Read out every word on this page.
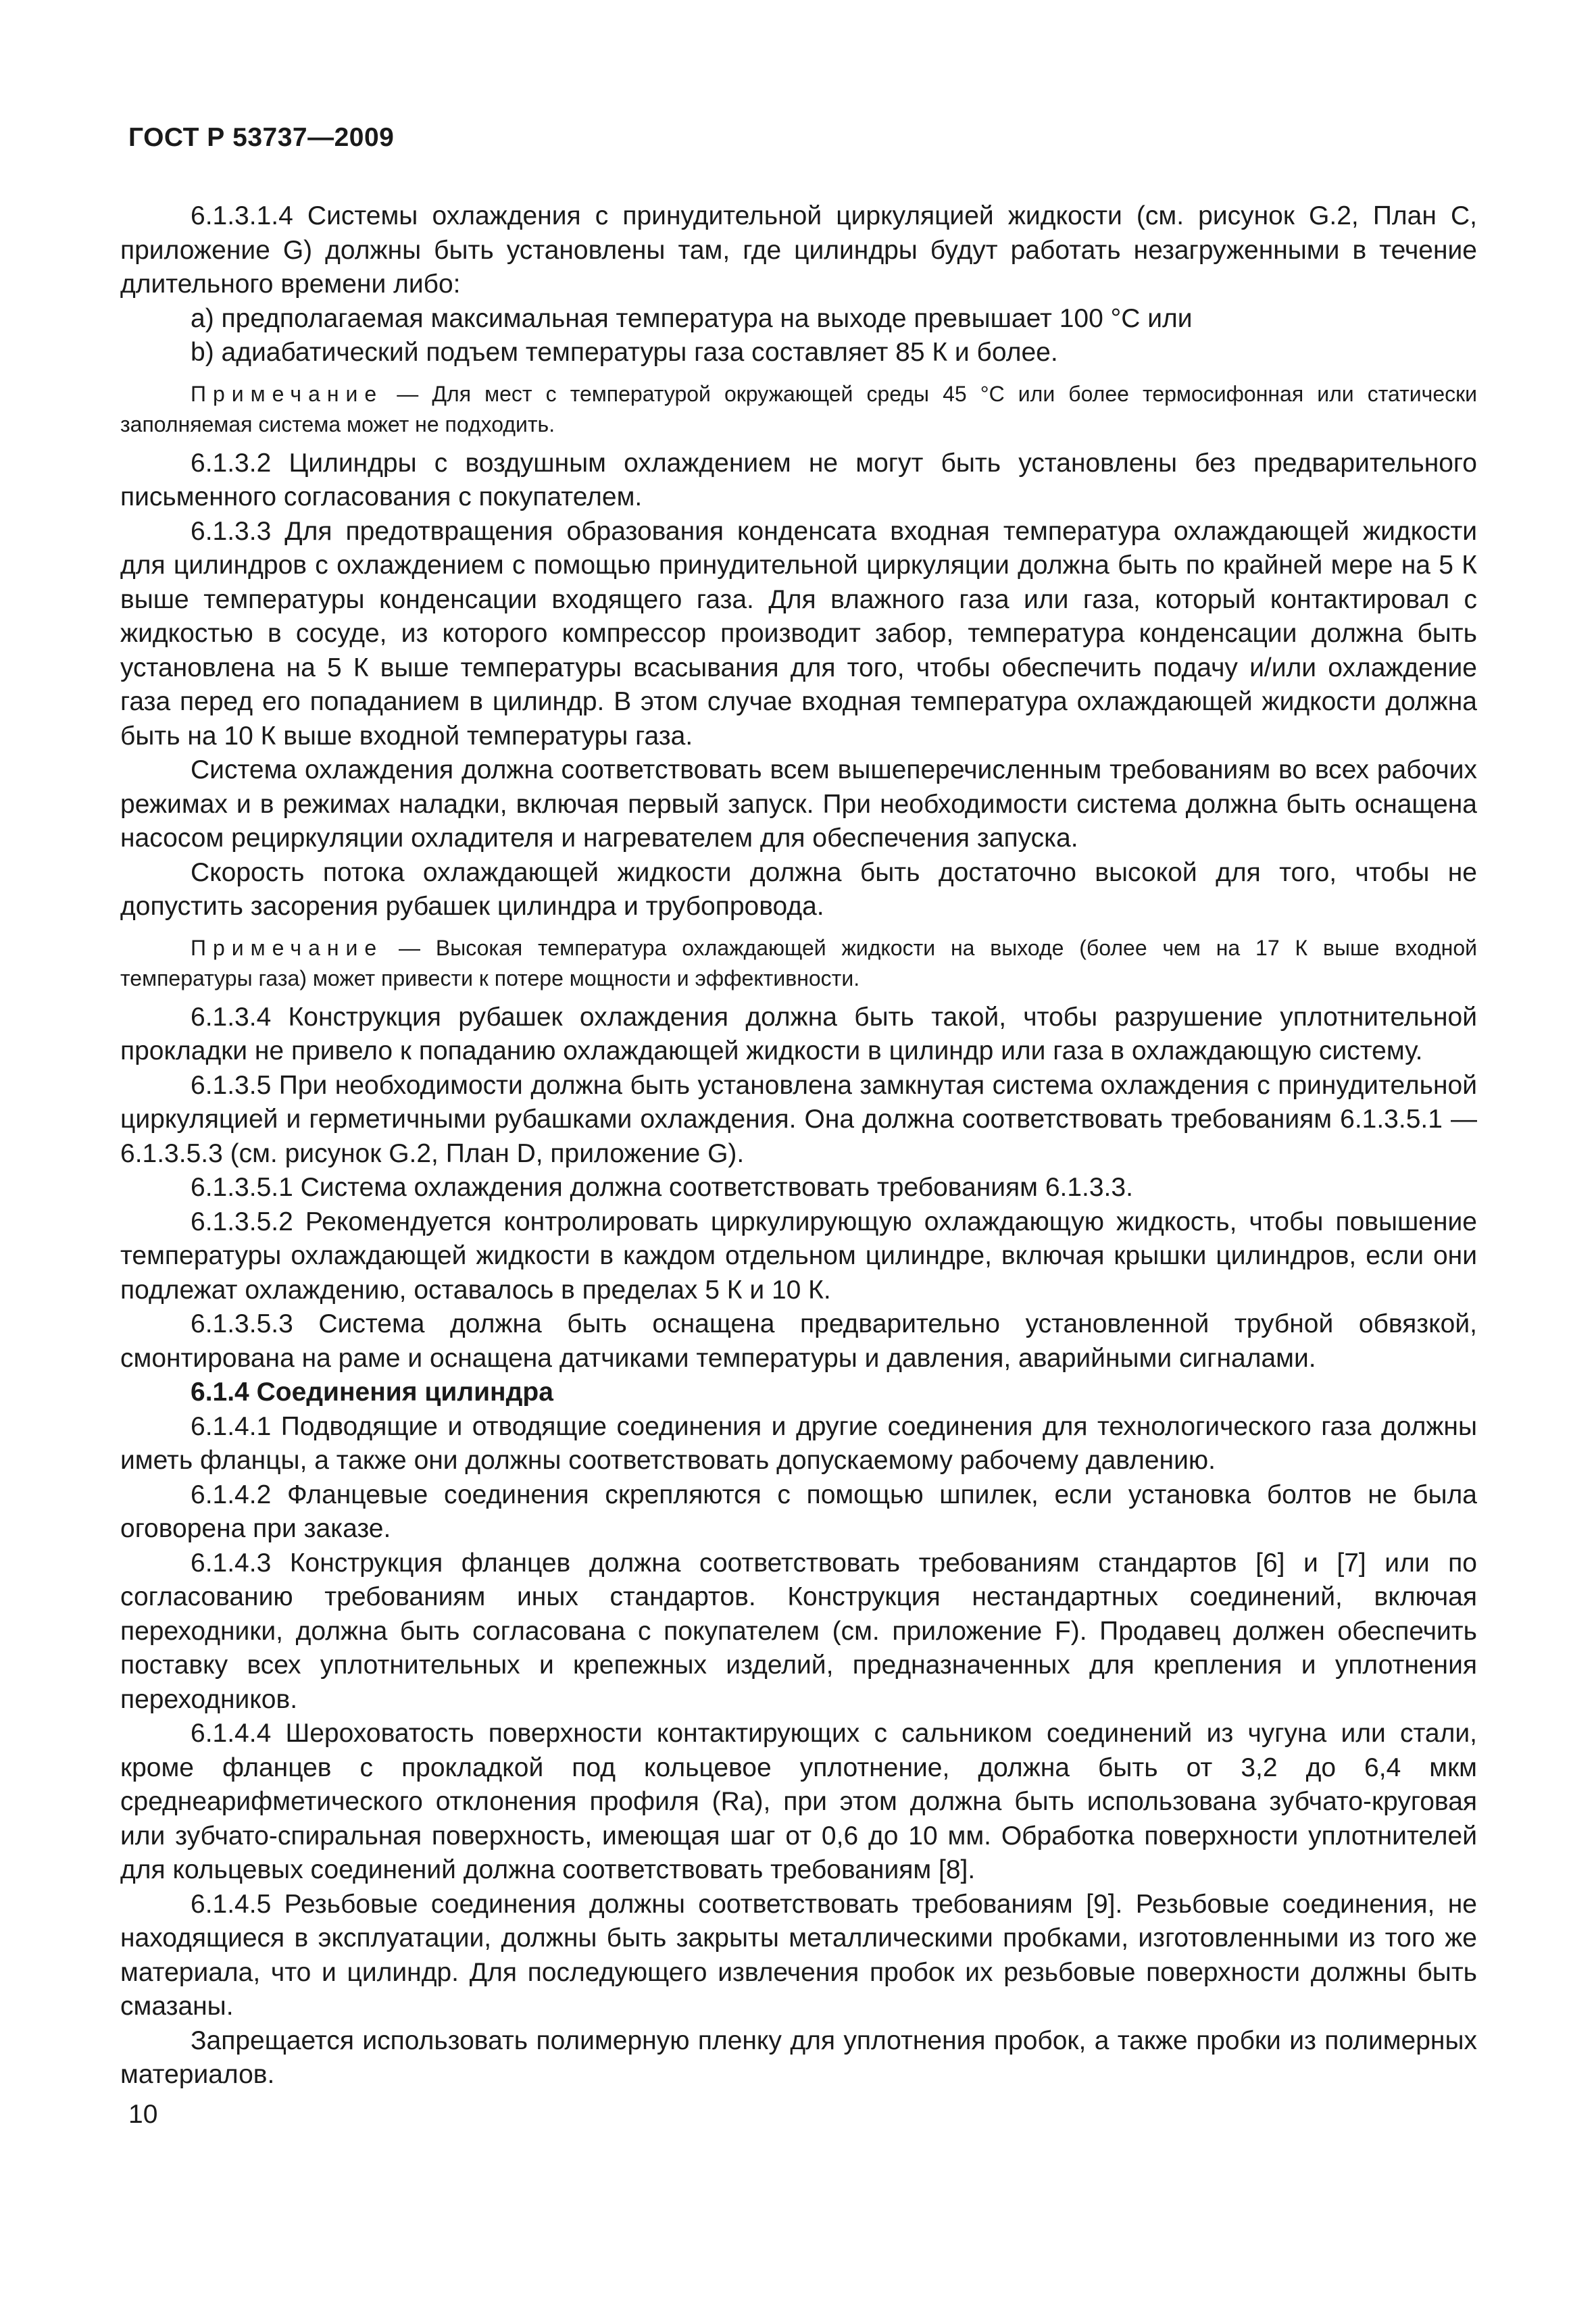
ГОСТ Р 53737—2009

6.1.3.1.4 Системы охлаждения с принудительной циркуляцией жидкости (см. рисунок G.2, План C, приложение G) должны быть установлены там, где цилиндры будут работать незагруженными в течение длительного времени либо:

a) предполагаемая максимальная температура на выходе превышает 100 °C или

b) адиабатический подъем температуры газа составляет 85 К и более.

Примечание — Для мест с температурой окружающей среды 45 °C или более термосифонная или статически заполняемая система может не подходить.

6.1.3.2 Цилиндры с воздушным охлаждением не могут быть установлены без предварительного письменного согласования с покупателем.

6.1.3.3 Для предотвращения образования конденсата входная температура охлаждающей жидкости для цилиндров с охлаждением с помощью принудительной циркуляции должна быть по крайней мере на 5 К выше температуры конденсации входящего газа. Для влажного газа или газа, который контактировал с жидкостью в сосуде, из которого компрессор производит забор, температура конденсации должна быть установлена на 5 К выше температуры всасывания для того, чтобы обеспечить подачу и/или охлаждение газа перед его попаданием в цилиндр. В этом случае входная температура охлаждающей жидкости должна быть на 10 К выше входной температуры газа.

Система охлаждения должна соответствовать всем вышеперечисленным требованиям во всех рабочих режимах и в режимах наладки, включая первый запуск. При необходимости система должна быть оснащена насосом рециркуляции охладителя и нагревателем для обеспечения запуска.

Скорость потока охлаждающей жидкости должна быть достаточно высокой для того, чтобы не допустить засорения рубашек цилиндра и трубопровода.

Примечание — Высокая температура охлаждающей жидкости на выходе (более чем на 17 К выше входной температуры газа) может привести к потере мощности и эффективности.

6.1.3.4 Конструкция рубашек охлаждения должна быть такой, чтобы разрушение уплотнительной прокладки не привело к попаданию охлаждающей жидкости в цилиндр или газа в охлаждающую систему.

6.1.3.5 При необходимости должна быть установлена замкнутая система охлаждения с принудительной циркуляцией и герметичными рубашками охлаждения. Она должна соответствовать требованиям 6.1.3.5.1 — 6.1.3.5.3 (см. рисунок G.2, План D, приложение G).

6.1.3.5.1 Система охлаждения должна соответствовать требованиям 6.1.3.3.

6.1.3.5.2 Рекомендуется контролировать циркулирующую охлаждающую жидкость, чтобы повышение температуры охлаждающей жидкости в каждом отдельном цилиндре, включая крышки цилиндров, если они подлежат охлаждению, оставалось в пределах 5 К и 10 К.

6.1.3.5.3 Система должна быть оснащена предварительно установленной трубной обвязкой, смонтирована на раме и оснащена датчиками температуры и давления, аварийными сигналами.

6.1.4 Соединения цилиндра

6.1.4.1 Подводящие и отводящие соединения и другие соединения для технологического газа должны иметь фланцы, а также они должны соответствовать допускаемому рабочему давлению.

6.1.4.2 Фланцевые соединения скрепляются с помощью шпилек, если установка болтов не была оговорена при заказе.

6.1.4.3 Конструкция фланцев должна соответствовать требованиям стандартов [6] и [7] или по согласованию требованиям иных стандартов. Конструкция нестандартных соединений, включая переходники, должна быть согласована с покупателем (см. приложение F). Продавец должен обеспечить поставку всех уплотнительных и крепежных изделий, предназначенных для крепления и уплотнения переходников.

6.1.4.4 Шероховатость поверхности контактирующих с сальником соединений из чугуна или стали, кроме фланцев с прокладкой под кольцевое уплотнение, должна быть от 3,2 до 6,4 мкм среднеарифметического отклонения профиля (Ra), при этом должна быть использована зубчато-круговая или зубчато-спиральная поверхность, имеющая шаг от 0,6 до 10 мм. Обработка поверхности уплотнителей для кольцевых соединений должна соответствовать требованиям [8].

6.1.4.5 Резьбовые соединения должны соответствовать требованиям [9]. Резьбовые соединения, не находящиеся в эксплуатации, должны быть закрыты металлическими пробками, изготовленными из того же материала, что и цилиндр. Для последующего извлечения пробок их резьбовые поверхности должны быть смазаны.

Запрещается использовать полимерную пленку для уплотнения пробок, а также пробки из полимерных материалов.

10
